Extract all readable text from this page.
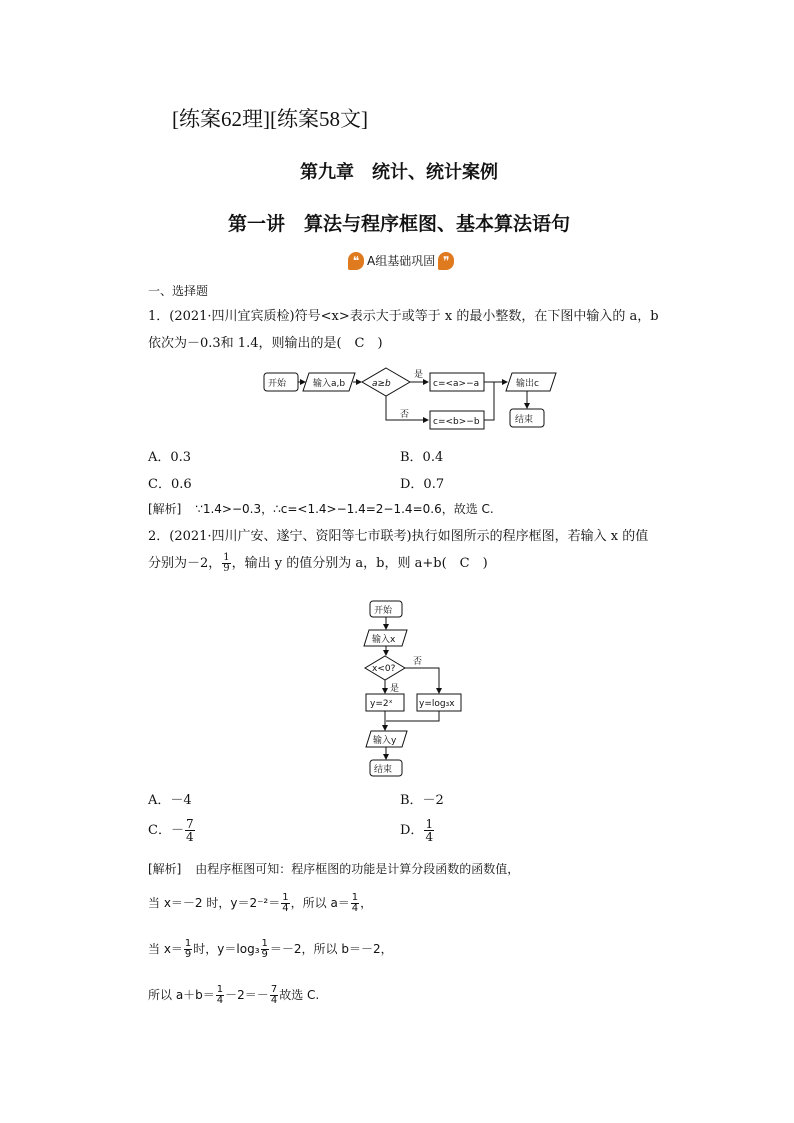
[练案62理][练案58文]
第九章　统计、统计案例
第一讲　算法与程序框图、基本算法语句
❝ A组基础巩固 ❞
一、选择题
1．(2021·四川宜宾质检)符号<x>表示大于或等于 x 的最小整数，在下图中输入的 a，b
依次为－0.3和 1.4，则输出的是(　C　)
开始	输入a,b	a≥b
是
否
c=<a>−a
c=<b>−b
输出c
结束
A．0.3	B．0.4
C．0.6	D．0.7
[解析] ∵1.4>−0.3，∴c=<1.4>−1.4=2−1.4=0.6，故选 C.
2．(2021·四川广安、遂宁、资阳等七市联考)执行如图所示的程序框图，若输入 x 的值
分别为－2， $\frac{1}{9}$ ，输出 y 的值分别为 a，b，则 a+b(　C　)
开始
输入x
x<0?
否
是
y=2ˣ	y=log₃x
输入y
结束
A．－4	B．－2
C．－ $\frac{7}{4}$	D． $\frac{1}{4}$
[解析] 由程序框图可知：程序框图的功能是计算分段函数的函数值，
当 x＝－2 时，$y=2^{-2}= \frac{1}{4}$ ，所以 $a= \frac{1}{4}$ ，
当 $x= \frac{1}{9}$ 时，$y=\log_3 \frac{1}{9} =-2$，所以 b＝－2，
所以 $a+b= \frac{1}{4} -2=- \frac{7}{4}$ 故选 C.
